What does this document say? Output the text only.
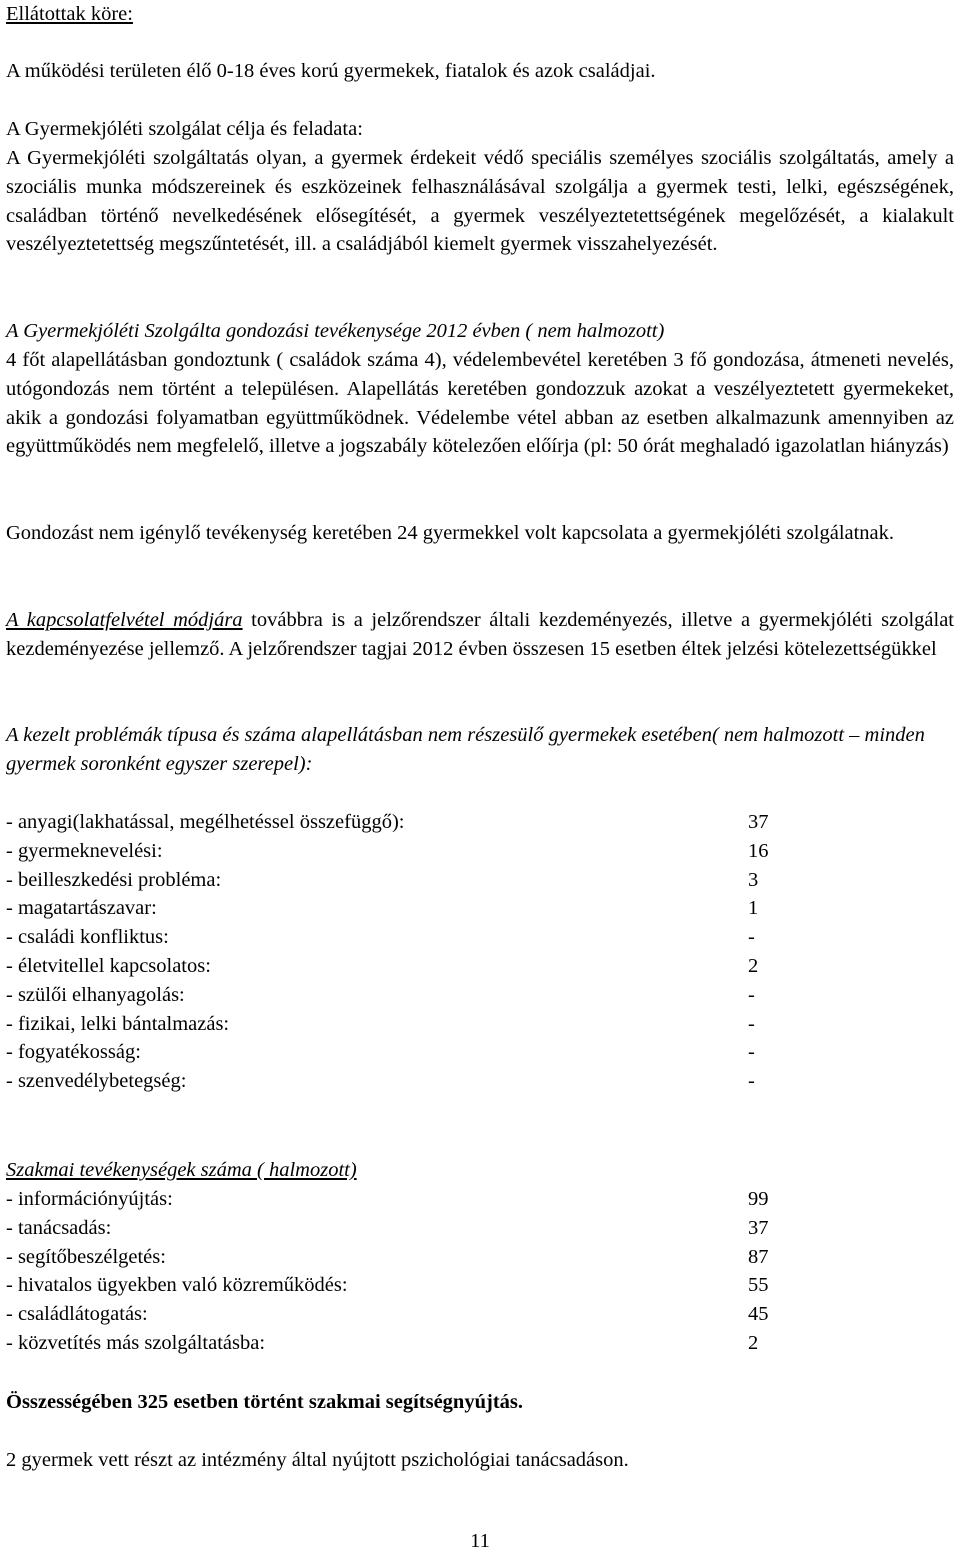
Ellátottak köre:

A működési területen élő 0-18 éves korú gyermekek, fiatalok és azok családjai.

A Gyermekjóléti szolgálat célja és feladata:

A Gyermekjóléti szolgáltatás olyan, a gyermek érdekeit védő speciális személyes szociális szolgáltatás, amely a szociális munka módszereinek és eszközeinek felhasználásával szolgálja a gyermek testi, lelki, egészségének, családban történő nevelkedésének elősegítését, a gyermek veszélyeztetettségének megelőzését, a kialakult veszélyeztetettség megszűntetését, ill. a családjából kiemelt gyermek visszahelyezését.

A Gyermekjóléti Szolgálta gondozási tevékenysége 2012 évben ( nem halmozott)

4 főt alapellátásban gondoztunk ( családok száma 4), védelembevétel keretében 3 fő gondozása, átmeneti nevelés, utógondozás nem történt a településen. Alapellátás keretében gondozzuk azokat a veszélyeztetett gyermekeket, akik a gondozási folyamatban együttműködnek. Védelembe vétel abban az esetben alkalmazunk amennyiben az együttműködés nem megfelelő, illetve a jogszabály kötelezően előírja (pl: 50 órát meghaladó igazolatlan hiányzás)

Gondozást nem igénylő tevékenység keretében 24 gyermekkel volt kapcsolata a gyermekjóléti szolgálatnak.

A kapcsolatfelvétel módjára továbbra is a jelzőrendszer általi kezdeményezés, illetve a gyermekjóléti szolgálat kezdeményezése jellemző. A jelzőrendszer tagjai 2012 évben összesen 15 esetben éltek jelzési kötelezettségükkel

A kezelt problémák típusa és száma alapellátásban nem részesülő gyermekek esetében( nem halmozott – minden gyermek soronként egyszer szerepel):

- anyagi(lakhatással, megélhetéssel összefüggő):	37
- gyermeknevelési:	16
- beilleszkedési probléma:	3
- magatartászavar:	1
- családi konfliktus:	-
- életvitellel kapcsolatos:	2
- szülői elhanyagolás:	-
- fizikai, lelki bántalmazás:	-
- fogyatékosság:	-
- szenvedélybetegség:	-

Szakmai tevékenységek száma ( halmozott)

- információnyújtás:	99
- tanácsadás:	37
- segítőbeszélgetés:	87
- hivatalos ügyekben való közreműködés:	55
- családlátogatás:	45
- közvetítés más szolgáltatásba:	2

Összességében 325 esetben történt szakmai segítségnyújtás.

2 gyermek vett részt az intézmény által nyújtott pszichológiai tanácsadáson.

11
